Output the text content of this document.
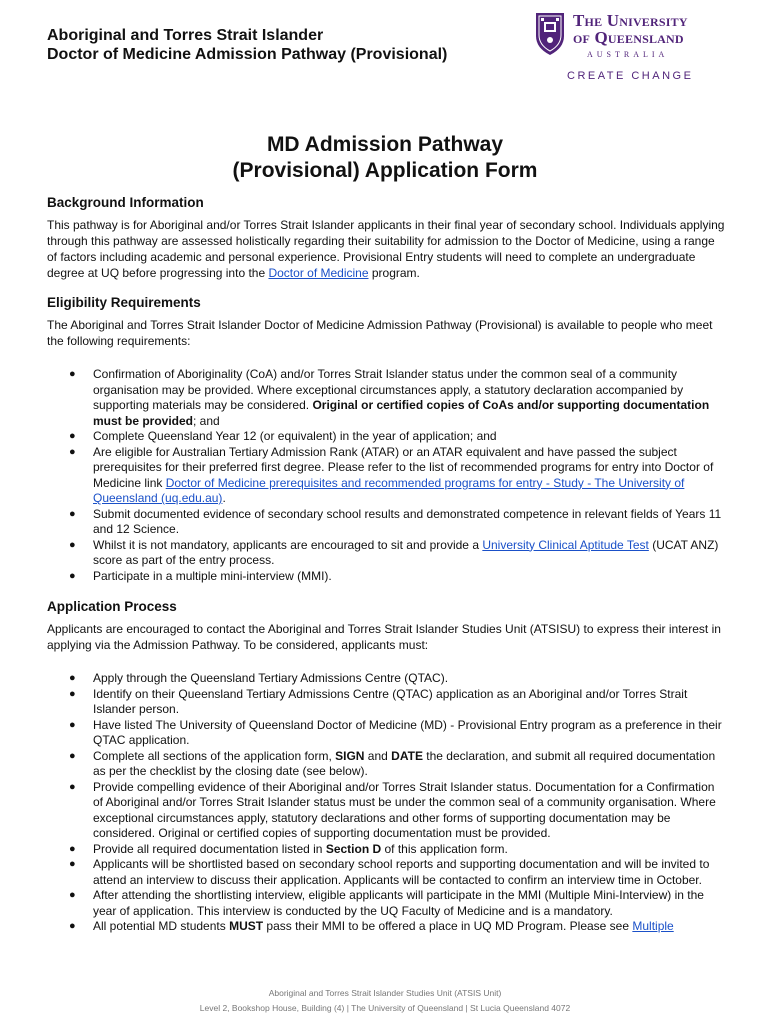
Aboriginal and Torres Strait Islander
Doctor of Medicine Admission Pathway (Provisional)
The University
of Queensland
AUSTRALIA
CREATE CHANGE
MD Admission Pathway
(Provisional) Application Form
Background Information

This pathway is for Aboriginal and/or Torres Strait Islander applicants in their final year of secondary school. Individuals applying through this pathway are assessed holistically regarding their suitability for admission to the Doctor of Medicine, using a range of factors including academic and personal experience. Provisional Entry students will need to complete an undergraduate degree at UQ before progressing into the Doctor of Medicine program.

Eligibility Requirements

The Aboriginal and Torres Strait Islander Doctor of Medicine Admission Pathway (Provisional) is available to people who meet the following requirements:

● Confirmation of Aboriginality (CoA) and/or Torres Strait Islander status under the common seal of a community organisation may be provided. Where exceptional circumstances apply, a statutory declaration accompanied by supporting materials may be considered. Original or certified copies of CoAs and/or supporting documentation must be provided; and
● Complete Queensland Year 12 (or equivalent) in the year of application; and
● Are eligible for Australian Tertiary Admission Rank (ATAR) or an ATAR equivalent and have passed the subject prerequisites for their preferred first degree. Please refer to the list of recommended programs for entry into Doctor of Medicine link Doctor of Medicine prerequisites and recommended programs for entry - Study - The University of Queensland (uq.edu.au).
● Submit documented evidence of secondary school results and demonstrated competence in relevant fields of Years 11 and 12 Science.
● Whilst it is not mandatory, applicants are encouraged to sit and provide a University Clinical Aptitude Test (UCAT ANZ) score as part of the entry process.
● Participate in a multiple mini-interview (MMI).
Application Process

Applicants are encouraged to contact the Aboriginal and Torres Strait Islander Studies Unit (ATSISU) to express their interest in applying via the Admission Pathway. To be considered, applicants must:

● Apply through the Queensland Tertiary Admissions Centre (QTAC).
● Identify on their Queensland Tertiary Admissions Centre (QTAC) application as an Aboriginal and/or Torres Strait Islander person.
● Have listed The University of Queensland Doctor of Medicine (MD) - Provisional Entry program as a preference in their QTAC application.
● Complete all sections of the application form, SIGN and DATE the declaration, and submit all required documentation as per the checklist by the closing date (see below).
● Provide compelling evidence of their Aboriginal and/or Torres Strait Islander status. Documentation for a Confirmation of Aboriginal and/or Torres Strait Islander status must be under the common seal of a community organisation. Where exceptional circumstances apply, statutory declarations and other forms of supporting documentation may be considered. Original or certified copies of supporting documentation must be provided.
● Provide all required documentation listed in Section D of this application form.
● Applicants will be shortlisted based on secondary school reports and supporting documentation and will be invited to attend an interview to discuss their application. Applicants will be contacted to confirm an interview time in October.
● After attending the shortlisting interview, eligible applicants will participate in the MMI (Multiple Mini-Interview) in the year of application. This interview is conducted by the UQ Faculty of Medicine and is a mandatory.
● All potential MD students MUST pass their MMI to be offered a place in UQ MD Program. Please see Multiple
Aboriginal and Torres Strait Islander Studies Unit (ATSIS Unit)
Level 2, Bookshop House, Building (4) | The University of Queensland | St Lucia Queensland 4072
